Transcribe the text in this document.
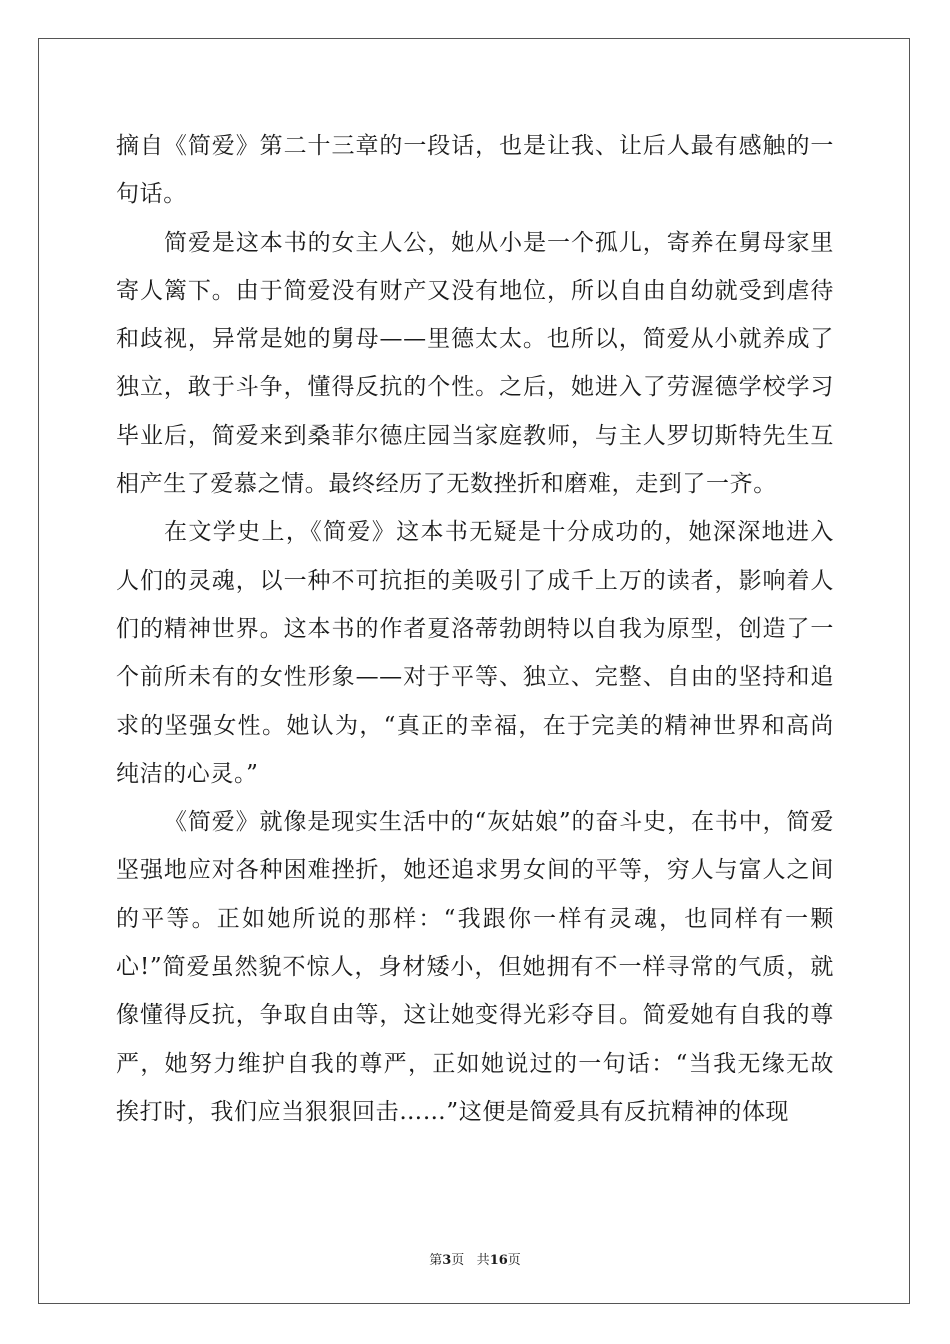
摘自《简爱》第二十三章的一段话，也是让我、让后人最有感触的一句话。

简爱是这本书的女主人公，她从小是一个孤儿，寄养在舅母家里寄人篱下。由于简爱没有财产又没有地位，所以自由自幼就受到虐待和歧视，异常是她的舅母——里德太太。也所以，简爱从小就养成了独立，敢于斗争，懂得反抗的个性。之后，她进入了劳渥德学校学习毕业后，简爱来到桑菲尔德庄园当家庭教师，与主人罗切斯特先生互相产生了爱慕之情。最终经历了无数挫折和磨难，走到了一齐。

在文学史上，《简爱》这本书无疑是十分成功的，她深深地进入人们的灵魂，以一种不可抗拒的美吸引了成千上万的读者，影响着人们的精神世界。这本书的作者夏洛蒂勃朗特以自我为原型，创造了一个前所未有的女性形象——对于平等、独立、完整、自由的坚持和追求的坚强女性。她认为，“真正的幸福，在于完美的精神世界和高尚纯洁的心灵。”

《简爱》就像是现实生活中的“灰姑娘”的奋斗史，在书中，简爱坚强地应对各种困难挫折，她还追求男女间的平等，穷人与富人之间的平等。正如她所说的那样：“我跟你一样有灵魂，也同样有一颗心!”简爱虽然貌不惊人，身材矮小，但她拥有不一样寻常的气质，就像懂得反抗，争取自由等，这让她变得光彩夺目。简爱她有自我的尊严，她努力维护自我的尊严，正如她说过的一句话：“当我无缘无故挨打时，我们应当狠狠回击……”这便是简爱具有反抗精神的体现

第3页 共16页
